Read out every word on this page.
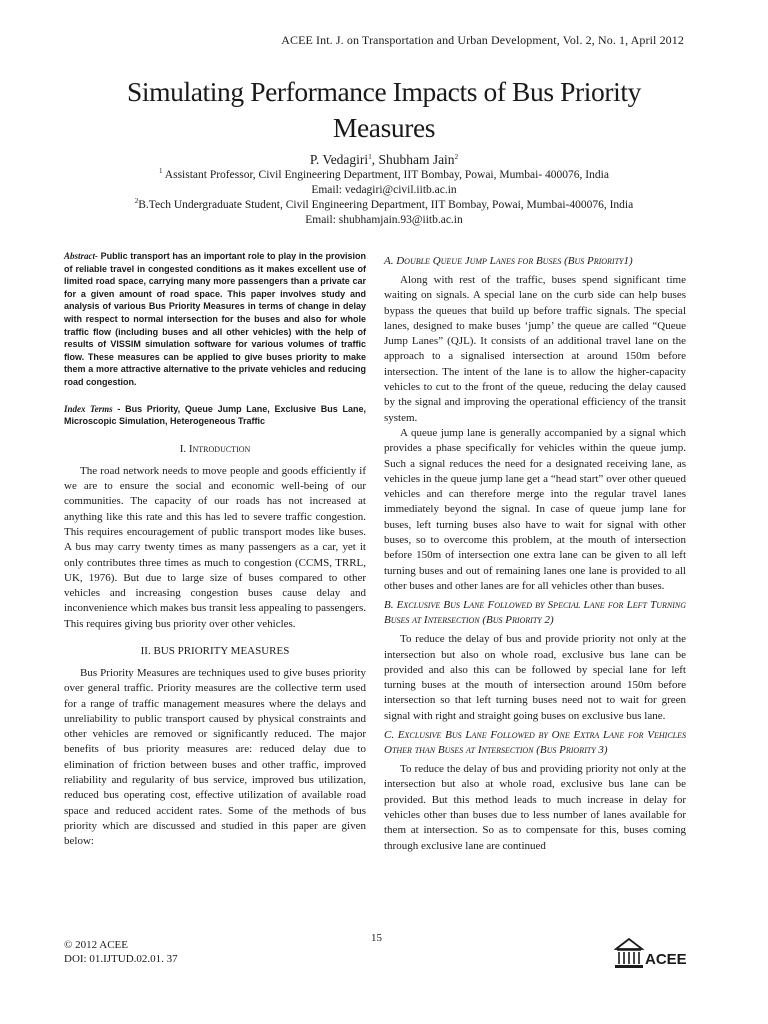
ACEE Int. J. on Transportation and Urban Development, Vol. 2, No. 1, April 2012
Simulating Performance Impacts of Bus Priority
Measures
P. Vedagiri$^1$, Shubham Jain$^2$
$^1$ Assistant Professor, Civil Engineering Department, IIT Bombay, Powai, Mumbai- 400076, India
Email: vedagiri@civil.iitb.ac.in
$^2$B.Tech Undergraduate Student, Civil Engineering Department, IIT Bombay, Powai, Mumbai-400076, India
Email: shubhamjain.93@iitb.ac.in

Abstract- Public transport has an important role to play in the provision of reliable travel in congested conditions as it makes excellent use of limited road space, carrying many more passengers than a private car for a given amount of road space. This paper involves study and analysis of various Bus Priority Measures in terms of change in delay with respect to normal intersection for the buses and also for whole traffic flow (including buses and all other vehicles) with the help of results of VISSIM simulation software for various volumes of traffic flow. These measures can be applied to give buses priority to make them a more attractive alternative to the private vehicles and reducing road congestion.

Index Terms - Bus Priority, Queue Jump Lane, Exclusive Bus Lane, Microscopic Simulation, Heterogeneous Traffic

I. Introduction

The road network needs to move people and goods efficiently if we are to ensure the social and economic well-being of our communities. The capacity of our roads has not increased at anything like this rate and this has led to severe traffic congestion. This requires encouragement of public transport modes like buses. A bus may carry twenty times as many passengers as a car, yet it only contributes three times as much to congestion (CCMS, TRRL, UK, 1976). But due to large size of buses compared to other vehicles and increasing congestion buses cause delay and inconvenience which makes bus transit less appealing to passengers. This requires giving bus priority over other vehicles.

II. BUS PRIORITY MEASURES

Bus Priority Measures are techniques used to give buses priority over general traffic. Priority measures are the collective term used for a range of traffic management measures where the delays and unreliability to public transport caused by physical constraints and other vehicles are removed or significantly reduced. The major benefits of bus priority measures are: reduced delay due to elimination of friction between buses and other traffic, improved reliability and regularity of bus service, improved bus utilization, reduced bus operating cost, effective utilization of available road space and reduced accident rates. Some of the methods of bus priority which are discussed and studied in this paper are given below:

A. Double Queue Jump Lanes for Buses (Bus Priority1)

Along with rest of the traffic, buses spend significant time waiting on signals. A special lane on the curb side can help buses bypass the queues that build up before traffic signals. The special lanes, designed to make buses ‘jump’ the queue are called “Queue Jump Lanes” (QJL). It consists of an additional travel lane on the approach to a signalised intersection at around 150m before intersection. The intent of the lane is to allow the higher-capacity vehicles to cut to the front of the queue, reducing the delay caused by the signal and improving the operational efficiency of the transit system.

A queue jump lane is generally accompanied by a signal which provides a phase specifically for vehicles within the queue jump. Such a signal reduces the need for a designated receiving lane, as vehicles in the queue jump lane get a “head start” over other queued vehicles and can therefore merge into the regular travel lanes immediately beyond the signal. In case of queue jump lane for buses, left turning buses also have to wait for signal with other buses, so to overcome this problem, at the mouth of intersection before 150m of intersection one extra lane can be given to all left turning buses and out of remaining lanes one lane is provided to all other buses and other lanes are for all vehicles other than buses.

B. Exclusive Bus Lane Followed by Special Lane for Left Turning Buses at Intersection (Bus Priority 2)

To reduce the delay of bus and provide priority not only at the intersection but also on whole road, exclusive bus lane can be provided and also this can be followed by special lane for left turning buses at the mouth of intersection around 150m before intersection so that left turning buses need not to wait for green signal with right and straight going buses on exclusive bus lane.

C. Exclusive Bus Lane Followed by One Extra Lane for Vehicles Other than Buses at Intersection (Bus Priority 3)

To reduce the delay of bus and providing priority not only at the intersection but also at whole road, exclusive bus lane can be provided. But this method leads to much increase in delay for vehicles other than buses due to less number of lanes available for them at intersection. So as to compensate for this, buses coming through exclusive lane are continued

© 2012 ACEE
DOI: 01.IJTUD.02.01. 37
15
ACEE
